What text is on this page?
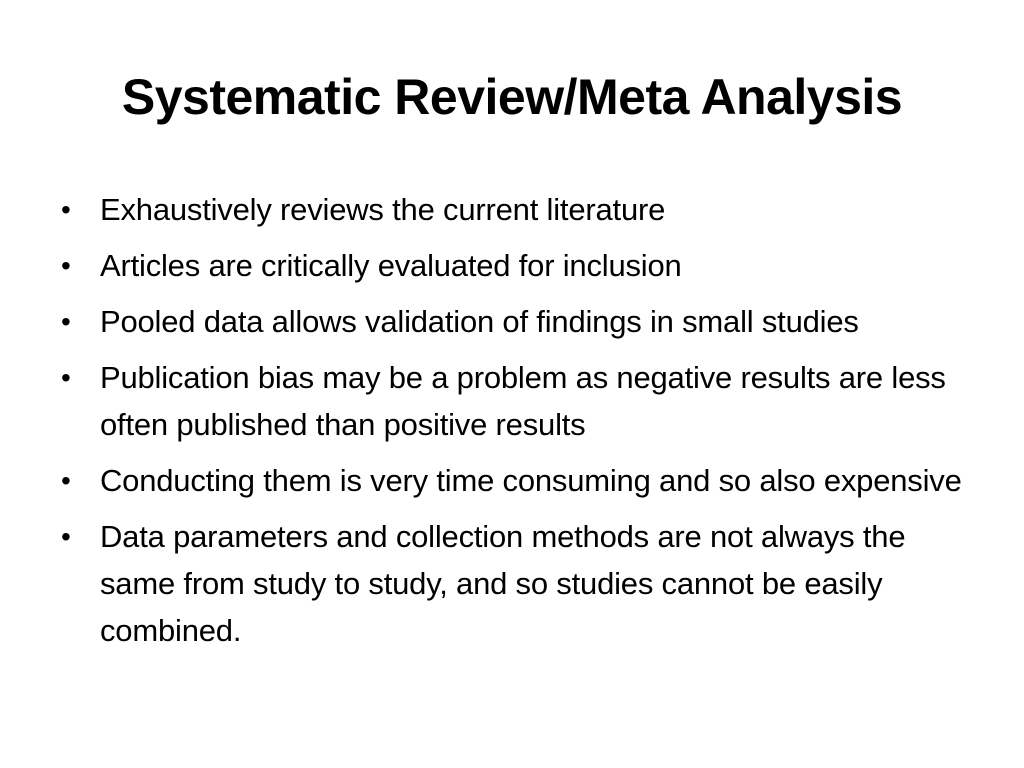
Systematic Review/Meta Analysis
• Exhaustively reviews the current literature
• Articles are critically evaluated for inclusion
• Pooled data allows validation of findings in small studies
• Publication bias may be a problem as negative results are less often published than positive results
• Conducting them is very time consuming and so also expensive
• Data parameters and collection methods are not always the same from study to study, and so studies cannot be easily combined.
